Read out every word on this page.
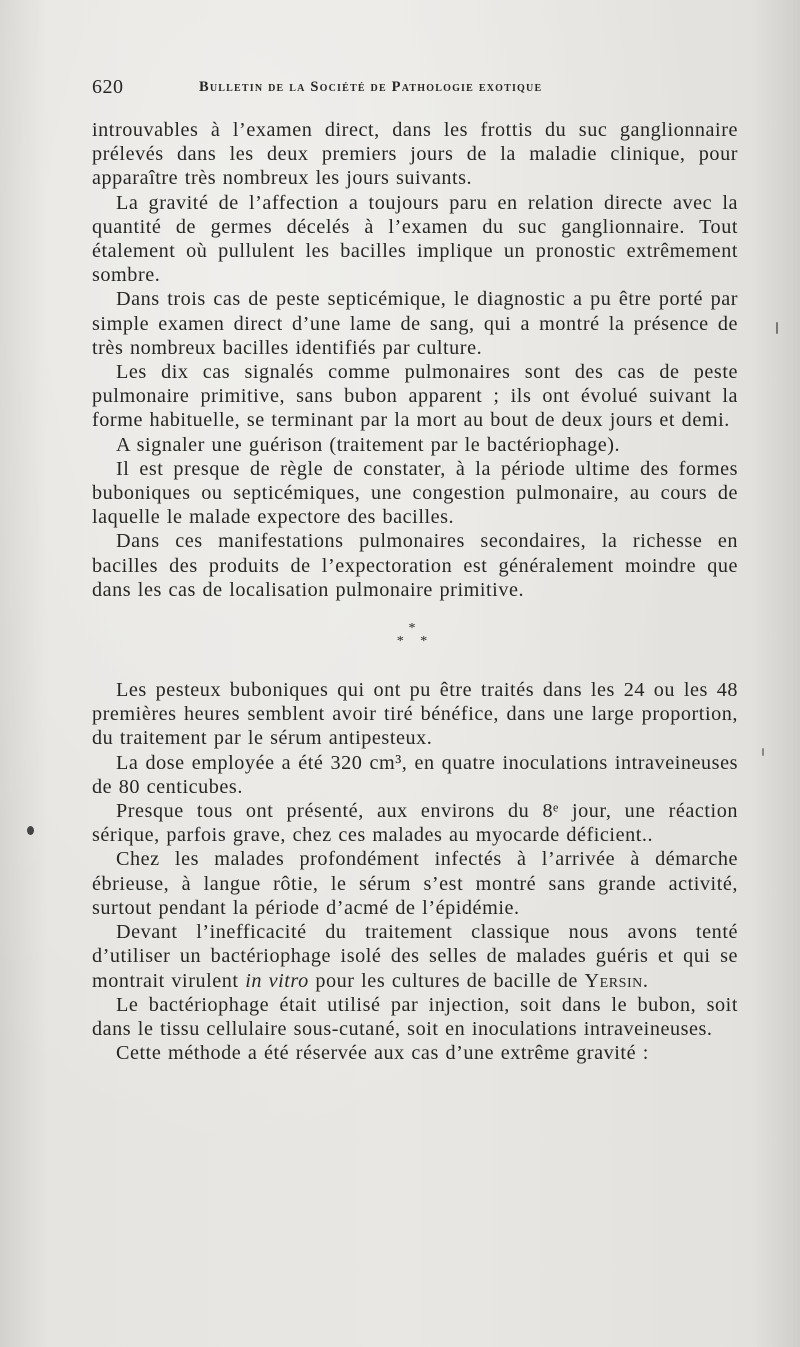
620	Bulletin de la Société de Pathologie exotique

introuvables à l’examen direct, dans les frottis du suc ganglionnaire prélevés dans les deux premiers jours de la maladie clinique, pour apparaître très nombreux les jours suivants.

La gravité de l’affection a toujours paru en relation directe avec la quantité de germes décelés à l’examen du suc ganglionnaire. Tout étalement où pullulent les bacilles implique un pronostic extrêmement sombre.

Dans trois cas de peste septicémique, le diagnostic a pu être porté par simple examen direct d’une lame de sang, qui a montré la présence de très nombreux bacilles identifiés par culture.

Les dix cas signalés comme pulmonaires sont des cas de peste pulmonaire primitive, sans bubon apparent ; ils ont évolué suivant la forme habituelle, se terminant par la mort au bout de deux jours et demi.

A signaler une guérison (traitement par le bactériophage).

Il est presque de règle de constater, à la période ultime des formes buboniques ou septicémiques, une congestion pulmonaire, au cours de laquelle le malade expectore des bacilles.

Dans ces manifestations pulmonaires secondaires, la richesse en bacilles des produits de l’expectoration est généralement moindre que dans les cas de localisation pulmonaire primitive.

*
* *

Les pesteux buboniques qui ont pu être traités dans les 24 ou les 48 premières heures semblent avoir tiré bénéfice, dans une large proportion, du traitement par le sérum antipesteux.

La dose employée a été 320 cm³, en quatre inoculations intraveineuses de 80 centicubes.

Presque tous ont présenté, aux environs du 8ᵉ jour, une réaction sérique, parfois grave, chez ces malades au myocarde déficient..

Chez les malades profondément infectés à l’arrivée à démarche ébrieuse, à langue rôtie, le sérum s’est montré sans grande activité, surtout pendant la période d’acmé de l’épidémie.

Devant l’inefficacité du traitement classique nous avons tenté d’utiliser un bactériophage isolé des selles de malades guéris et qui se montrait virulent in vitro pour les cultures de bacille de Yersin.

Le bactériophage était utilisé par injection, soit dans le bubon, soit dans le tissu cellulaire sous-cutané, soit en inoculations intraveineuses.

Cette méthode a été réservée aux cas d’une extrême gravité :
